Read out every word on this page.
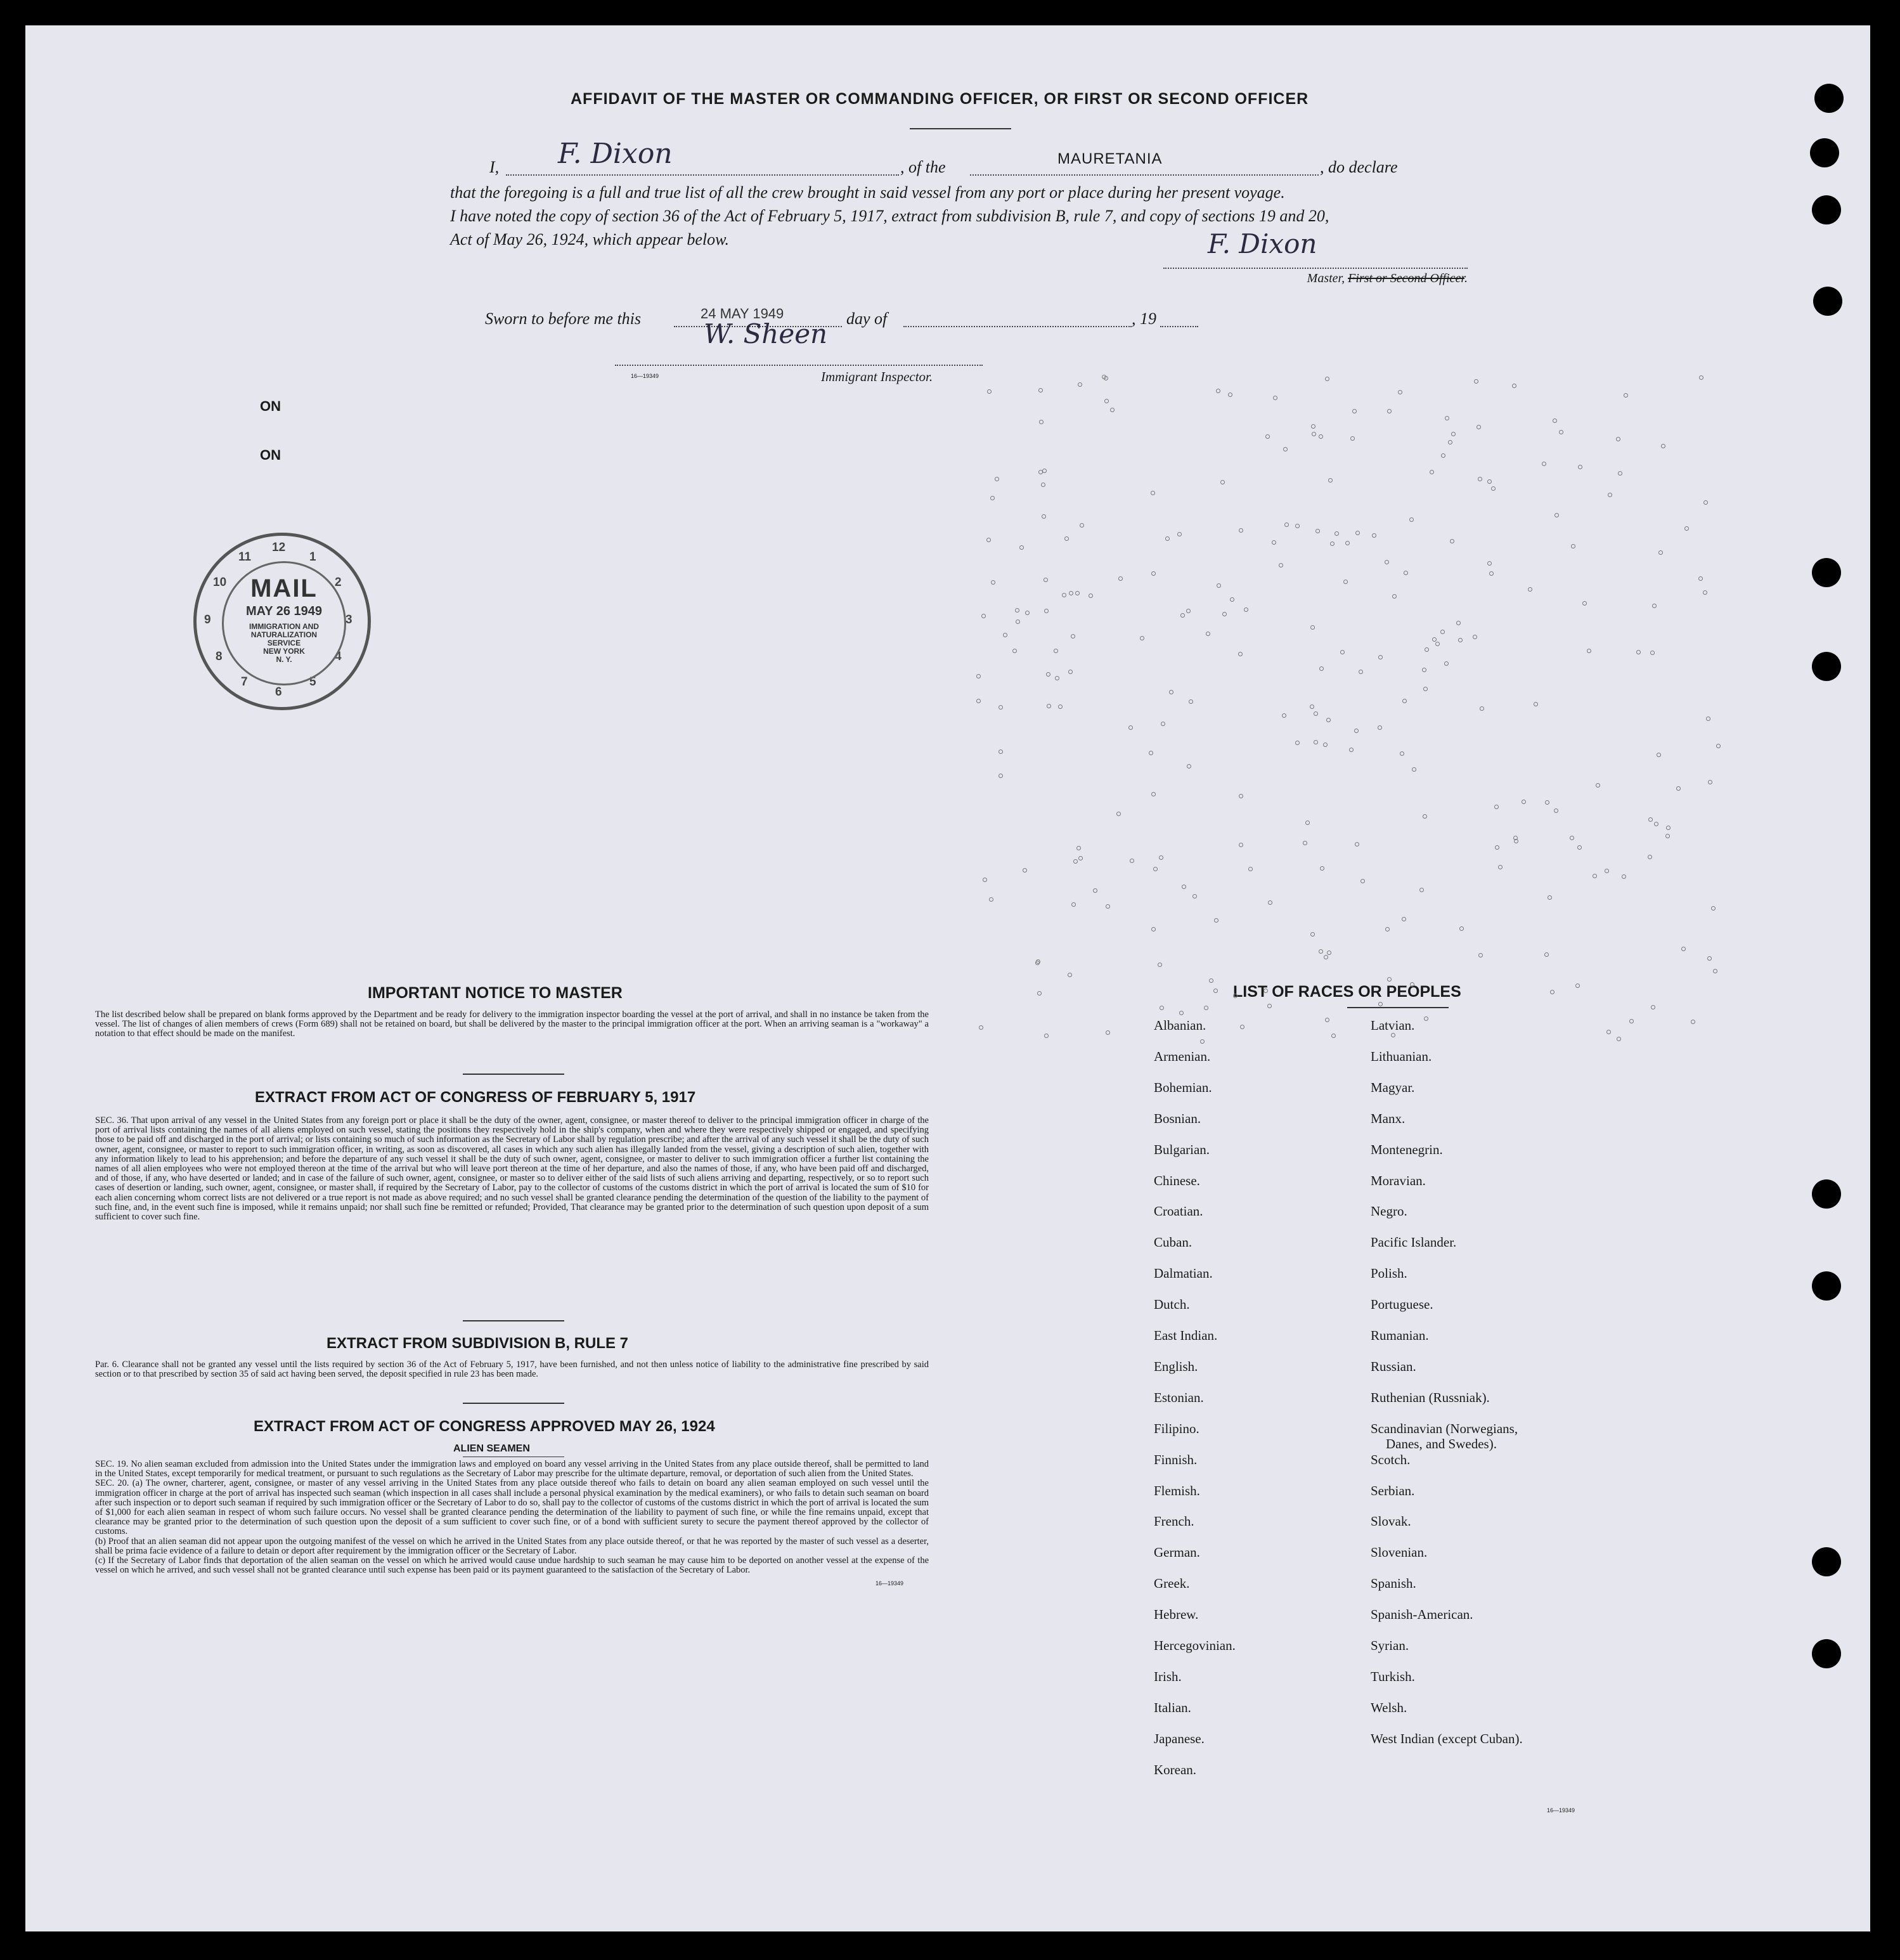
AFFIDAVIT OF THE MASTER OR COMMANDING OFFICER, OR FIRST OR SECOND OFFICER
I, F. Dixon	, of the	MAURETANIA	, do declare
that the foregoing is a full and true list of all the crew brought in said vessel from any port or place during her present voyage.
I have noted the copy of section 36 of the Act of February 5, 1917, extract from subdivision B, rule 7, and copy of sections 19 and 20,
Act of May 26, 1924, which appear below.	F. Dixon
Master, First or Second Officer.
Sworn to before me this	24 MAY 1949	day of	, 19
W. Sheen
16—19349	Immigrant Inspector.
ON
ON
12
1
2
3
4
5
6
7
8
9
10
11
MAIL
MAY 26 1949
IMMIGRATION AND
NATURALIZATION
SERVICE
NEW YORK
N. Y.
IMPORTANT NOTICE TO MASTER
The list described below shall be prepared on blank forms approved by the Department and be ready for delivery to the immigration inspector boarding the vessel at the port of arrival, and shall in no instance be taken from the vessel. The list of changes of alien members of crews (Form 689) shall not be retained on board, but shall be delivered by the master to the principal immigration officer at the port. When an arriving seaman is a "workaway" a notation to that effect should be made on the manifest.
EXTRACT FROM ACT OF CONGRESS OF FEBRUARY 5, 1917
SEC. 36. That upon arrival of any vessel in the United States from any foreign port or place it shall be the duty of the owner, agent, consignee, or master thereof to deliver to the principal immigration officer in charge of the port of arrival lists containing the names of all aliens employed on such vessel, stating the positions they respectively hold in the ship's company, when and where they were respectively shipped or engaged, and specifying those to be paid off and discharged in the port of arrival; or lists containing so much of such information as the Secretary of Labor shall by regulation prescribe; and after the arrival of any such vessel it shall be the duty of such owner, agent, consignee, or master to report to such immigration officer, in writing, as soon as discovered, all cases in which any such alien has illegally landed from the vessel, giving a description of such alien, together with any information likely to lead to his apprehension; and before the departure of any such vessel it shall be the duty of such owner, agent, consignee, or master to deliver to such immigration officer a further list containing the names of all alien employees who were not employed thereon at the time of the arrival but who will leave port thereon at the time of her departure, and also the names of those, if any, who have been paid off and discharged, and of those, if any, who have deserted or landed; and in case of the failure of such owner, agent, consignee, or master so to deliver either of the said lists of such aliens arriving and departing, respectively, or so to report such cases of desertion or landing, such owner, agent, consignee, or master shall, if required by the Secretary of Labor, pay to the collector of customs of the customs district in which the port of arrival is located the sum of $10 for each alien concerning whom correct lists are not delivered or a true report is not made as above required; and no such vessel shall be granted clearance pending the determination of the question of the liability to the payment of such fine, and, in the event such fine is imposed, while it remains unpaid; nor shall such fine be remitted or refunded; Provided, That clearance may be granted prior to the determination of such question upon deposit of a sum sufficient to cover such fine.
EXTRACT FROM SUBDIVISION B, RULE 7
Par. 6. Clearance shall not be granted any vessel until the lists required by section 36 of the Act of February 5, 1917, have been furnished, and not then unless notice of liability to the administrative fine prescribed by said section or to that prescribed by section 35 of said act having been served, the deposit specified in rule 23 has been made.
EXTRACT FROM ACT OF CONGRESS APPROVED MAY 26, 1924
ALIEN SEAMEN
SEC. 19. No alien seaman excluded from admission into the United States under the immigration laws and employed on board any vessel arriving in the United States from any place outside thereof, shall be permitted to land in the United States, except temporarily for medical treatment, or pursuant to such regulations as the Secretary of Labor may prescribe for the ultimate departure, removal, or deportation of such alien from the United States.
SEC. 20. (a) The owner, charterer, agent, consignee, or master of any vessel arriving in the United States from any place outside thereof who fails to detain on board any alien seaman employed on such vessel until the immigration officer in charge at the port of arrival has inspected such seaman (which inspection in all cases shall include a personal physical examination by the medical examiners), or who fails to detain such seaman on board after such inspection or to deport such seaman if required by such immigration officer or the Secretary of Labor to do so, shall pay to the collector of customs of the customs district in which the port of arrival is located the sum of $1,000 for each alien seaman in respect of whom such failure occurs. No vessel shall be granted clearance pending the determination of the liability to payment of such fine, or while the fine remains unpaid, except that clearance may be granted prior to the determination of such question upon the deposit of a sum sufficient to cover such fine, or of a bond with sufficient surety to secure the payment thereof approved by the collector of customs.
(b) Proof that an alien seaman did not appear upon the outgoing manifest of the vessel on which he arrived in the United States from any place outside thereof, or that he was reported by the master of such vessel as a deserter, shall be prima facie evidence of a failure to detain or deport after requirement by the immigration officer or the Secretary of Labor.
(c) If the Secretary of Labor finds that deportation of the alien seaman on the vessel on which he arrived would cause undue hardship to such seaman he may cause him to be deported on another vessel at the expense of the vessel on which he arrived, and such vessel shall not be granted clearance until such expense has been paid or its payment guaranteed to the satisfaction of the Secretary of Labor.
16—19349
LIST OF RACES OR PEOPLES
Albanian.
Armenian.
Bohemian.
Bosnian.
Bulgarian.
Chinese.
Croatian.
Cuban.
Dalmatian.
Dutch.
East Indian.
English.
Estonian.
Filipino.
Finnish.
Flemish.
French.
German.
Greek.
Hebrew.
Hercegovinian.
Irish.
Italian.
Japanese.
Korean.
Latvian.
Lithuanian.
Magyar.
Manx.
Montenegrin.
Moravian.
Negro.
Pacific Islander.
Polish.
Portuguese.
Rumanian.
Russian.
Ruthenian (Russniak).
Scandinavian (Norwegians,
Danes, and Swedes).
Scotch.
Serbian.
Slovak.
Slovenian.
Spanish.
Spanish-American.
Syrian.
Turkish.
Welsh.
West Indian (except Cuban).
16—19349
